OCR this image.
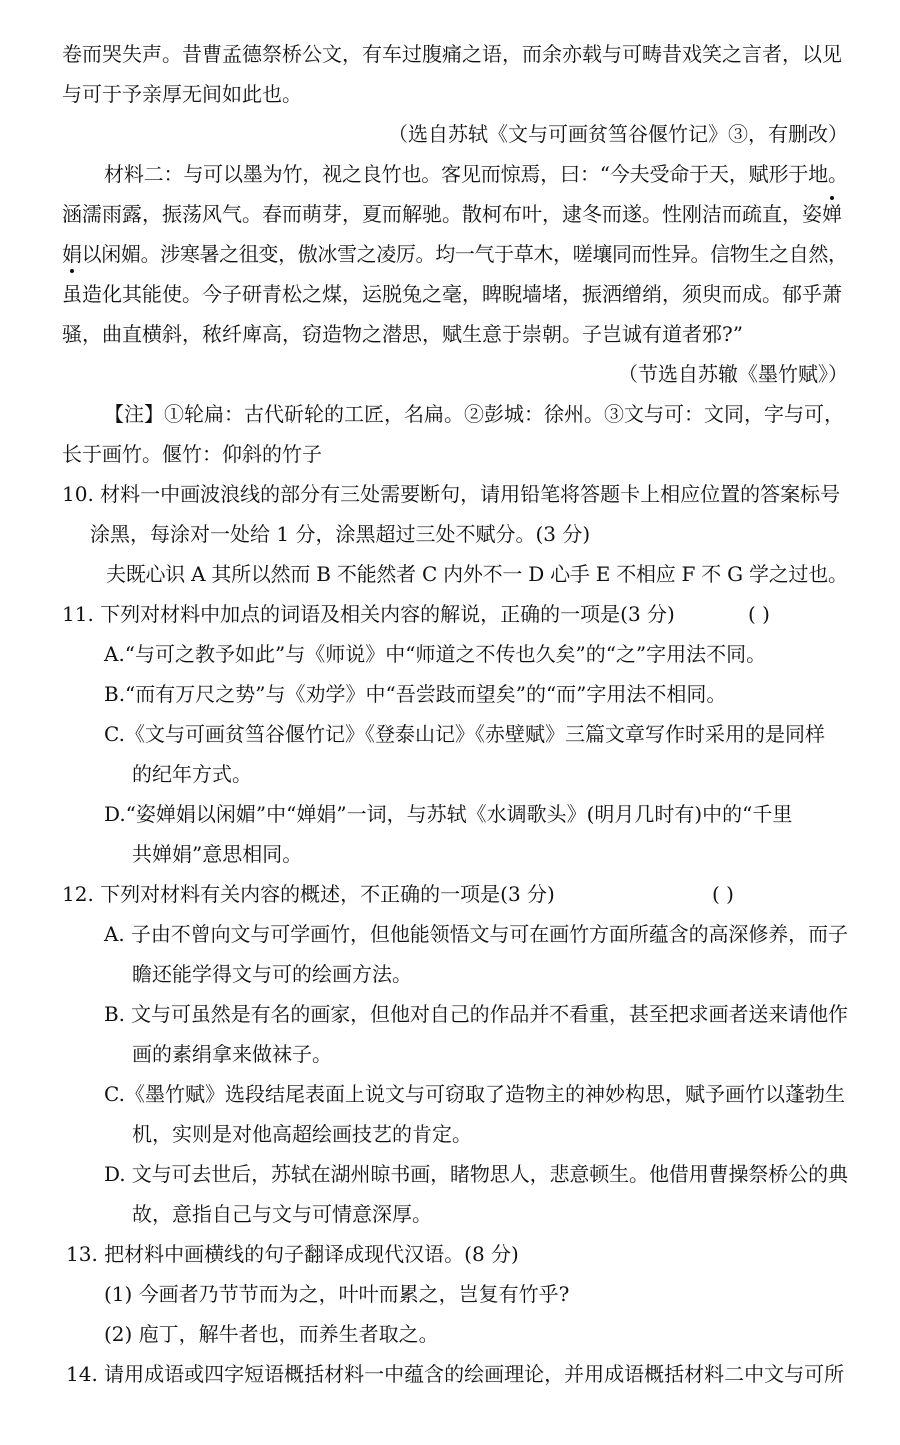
卷而哭失声。昔曹孟德祭桥公文，有车过腹痛之语，而余亦载与可畴昔戏笑之言者，以见
与可于予亲厚无间如此也。
（选自苏轼《文与可画贫筜谷偃竹记》③，有删改）
材料二：与可以墨为竹，视之良竹也。客见而惊焉，曰：“今夫受命于天，赋形于地。
涵濡雨露，振荡风气。春而萌芽，夏而解驰。散柯布叶，逮冬而遂。性刚洁而疏直，姿婵
娟以闲媚。涉寒暑之徂变，傲冰雪之凌厉。均一气于草木，嗟壤同而性异。信物生之自然，
虽造化其能使。今子研青松之煤，运脱兔之毫，睥睨墙堵，振洒缯绡，须臾而成。郁乎萧
骚，曲直横斜，秾纤庳高，窃造物之潜思，赋生意于崇朝。子岂诚有道者邪?”
（节选自苏辙《墨竹赋》）
【注】①轮扁：古代斫轮的工匠，名扁。②彭城：徐州。③文与可：文同，字与可，
长于画竹。偃竹：仰斜的竹子
10. 材料一中画波浪线的部分有三处需要断句，请用铅笔将答题卡上相应位置的答案标号
涂黑，每涂对一处给 1 分，涂黑超过三处不赋分。(3 分)
夫既心识 A 其所以然而 B 不能然者 C 内外不一 D 心手 E 不相应 F 不 G 学之过也。
11. 下列对材料中加点的词语及相关内容的解说，正确的一项是(3 分)	( )
A.“与可之教予如此”与《师说》中“师道之不传也久矣”的“之”字用法不同。
B.“而有万尺之势”与《劝学》中“吾尝跂而望矣”的“而”字用法不相同。
C.《文与可画贫筜谷偃竹记》《登泰山记》《赤壁赋》三篇文章写作时采用的是同样
的纪年方式。
D.“姿婵娟以闲媚”中“婵娟”一词，与苏轼《水调歌头》(明月几时有)中的“千里
共婵娟”意思相同。
12. 下列对材料有关内容的概述，不正确的一项是(3 分)	( )
A. 子由不曾向文与可学画竹，但他能领悟文与可在画竹方面所蕴含的高深修养，而子
瞻还能学得文与可的绘画方法。
B. 文与可虽然是有名的画家，但他对自己的作品并不看重，甚至把求画者送来请他作
画的素绢拿来做袜子。
C.《墨竹赋》选段结尾表面上说文与可窃取了造物主的神妙构思，赋予画竹以蓬勃生
机，实则是对他高超绘画技艺的肯定。
D. 文与可去世后，苏轼在湖州晾书画，睹物思人，悲意顿生。他借用曹操祭桥公的典
故，意指自己与文与可情意深厚。
13. 把材料中画横线的句子翻译成现代汉语。(8 分)
(1) 今画者乃节节而为之，叶叶而累之，岂复有竹乎?
(2) 庖丁，解牛者也，而养生者取之。
14. 请用成语或四字短语概括材料一中蕴含的绘画理论，并用成语概括材料二中文与可所
